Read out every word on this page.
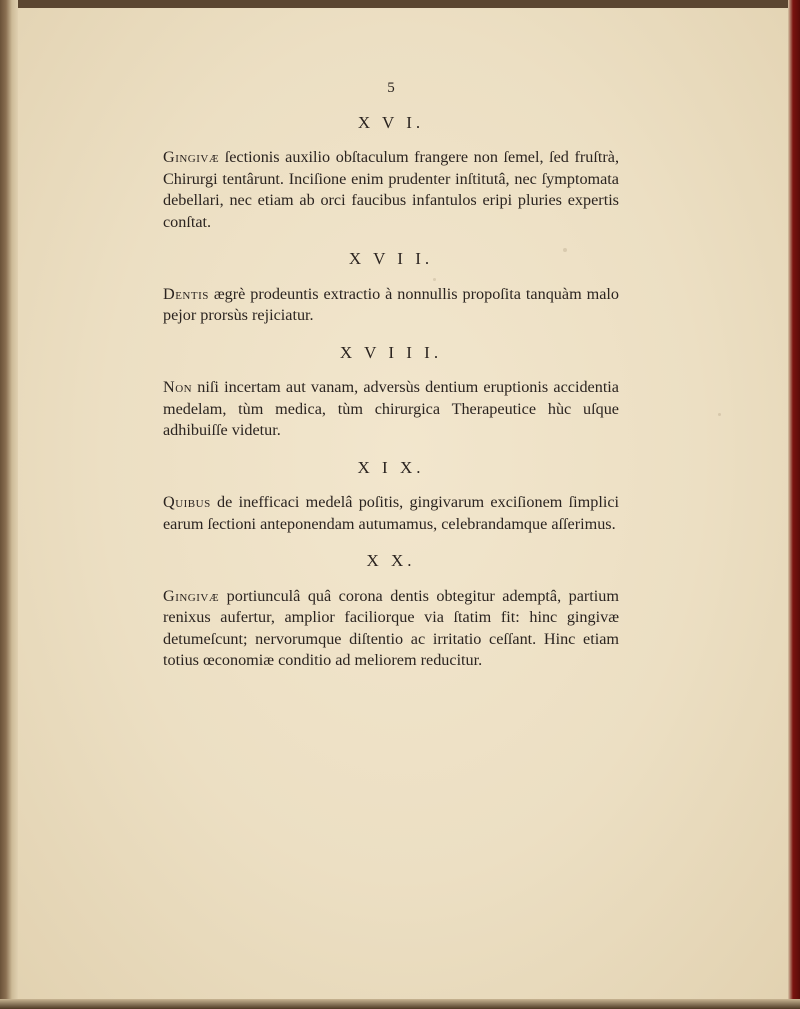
5
X V I.

Gingivæ ſectionis auxilio obſtaculum frangere non ſemel, ſed fruſtrà, Chirurgi tentârunt. Inciſione enim prudenter inſtitutâ, nec ſymptomata debellari, nec etiam ab orci faucibus infantulos eripi pluries expertis conſtat.

X V I I.

Dentis ægrè prodeuntis extractio à nonnullis propoſita tanquàm malo pejor prorsùs rejiciatur.

X V I I I.

Non niſi incertam aut vanam, adversùs dentium eruptionis accidentia medelam, tùm medica, tùm chirurgica Therapeutice hùc uſque adhibuiſſe videtur.

X I X.

Quibus de inefficaci medelâ poſitis, gingivarum exciſionem ſimplici earum ſectioni anteponendam autumamus, celebrandamque aſſerimus.

X X.

Gingivæ portiunculâ quâ corona dentis obtegitur ademptâ, partium renixus aufertur, amplior faciliorque via ſtatim fit: hinc gingivæ detumeſcunt; nervorumque diſtentio ac irritatio ceſſant. Hinc etiam totius œconomiæ conditio ad meliorem reducitur.
